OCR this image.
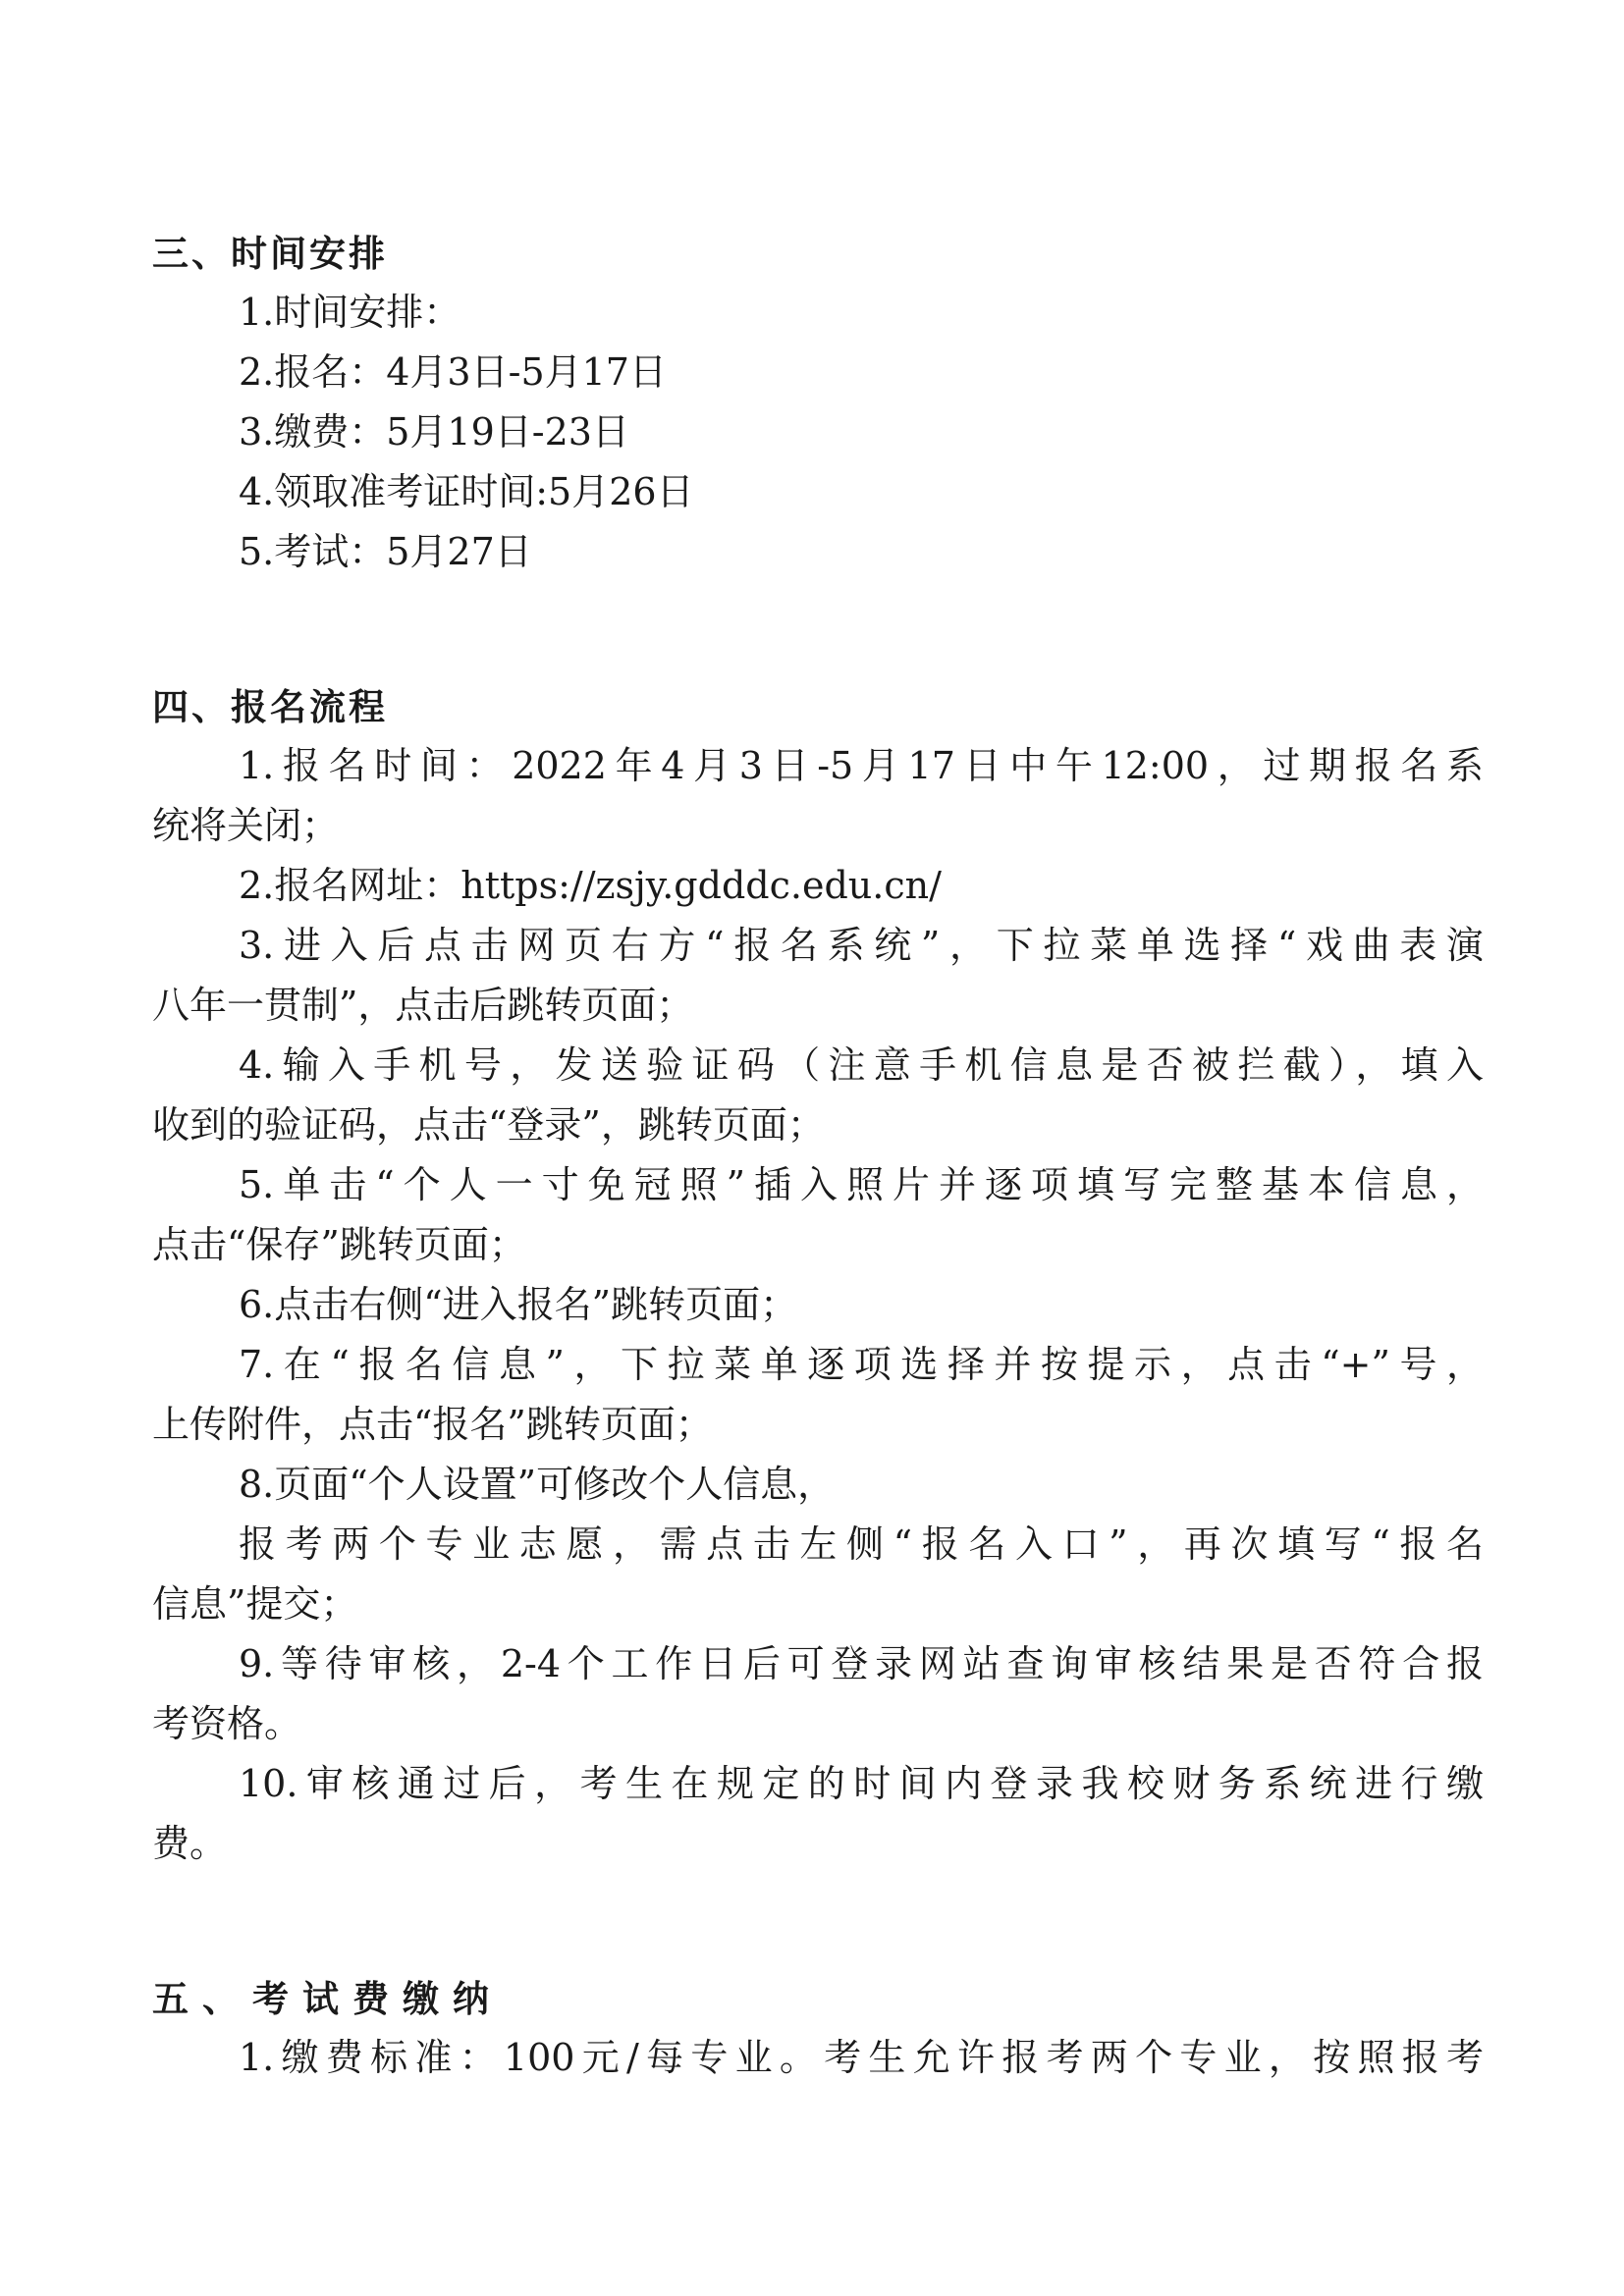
三、时间安排
1.时间安排：
2.报名：4月3日-5月17日
3.缴费：5月19日-23日
4.领取准考证时间:5月26日
5.考试：5月27日
四、报名流程
1.报名时间：2022年4月3日-5月17日中午12:00，过期报名系
统将关闭；
2.报名网址：https://zsjy.gdddc.edu.cn/
3.进入后点击网页右方“报名系统”，下拉菜单选择“戏曲表演
八年一贯制”，点击后跳转页面；
4.输入手机号，发送验证码（注意手机信息是否被拦截），填入
收到的验证码，点击“登录”，跳转页面；
5.单击“个人一寸免冠照”插入照片并逐项填写完整基本信息，
点击“保存”跳转页面；
6.点击右侧“进入报名”跳转页面；
7.在“报名信息”，下拉菜单逐项选择并按提示，点击“+”号，
上传附件，点击“报名”跳转页面；
8.页面“个人设置”可修改个人信息，
报考两个专业志愿，需点击左侧“报名入口”，再次填写“报名
信息”提交；
9.等待审核，2-4个工作日后可登录网站查询审核结果是否符合报
考资格。
10.审核通过后，考生在规定的时间内登录我校财务系统进行缴
费。
五、考试费缴纳
1.缴费标准：100元/每专业。考生允许报考两个专业，按照报考
